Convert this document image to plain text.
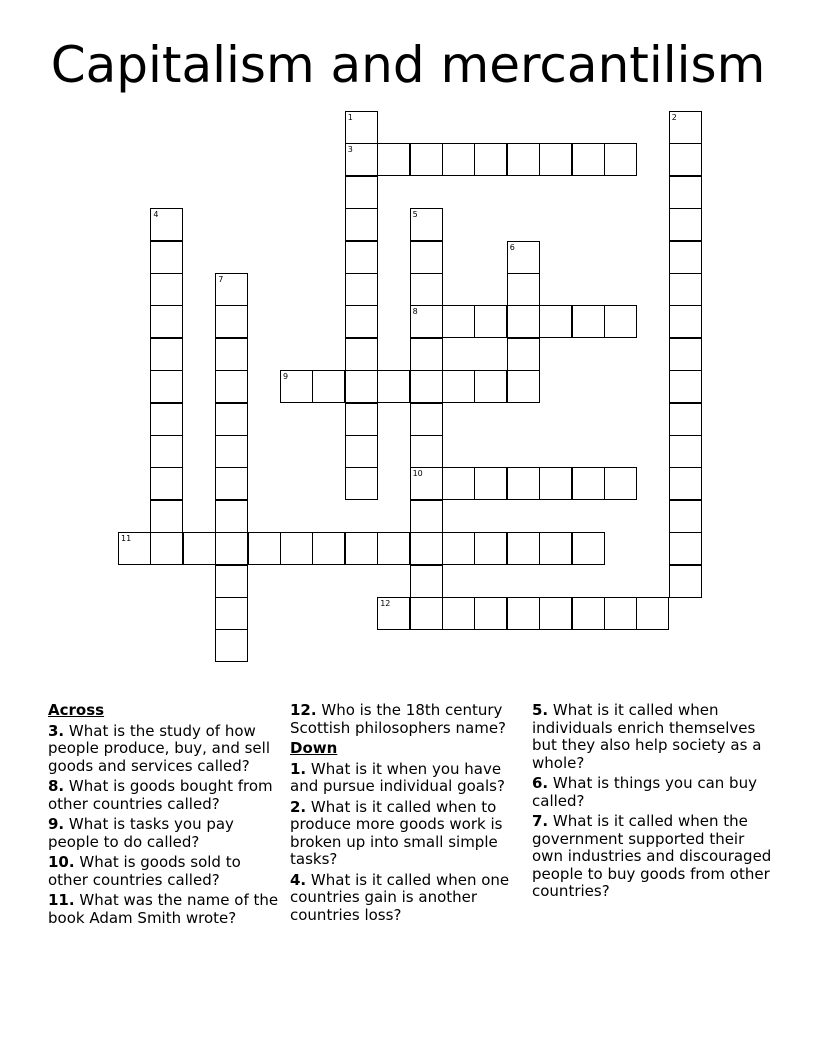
Capitalism and mercantilism
1
3
2
4	5
8
10
6
7
9
11
12
Across
3. What is the study of how people produce, buy, and sell goods and services called?
8. What is goods bought from other countries called?
9. What is tasks you pay people to do called?
10. What is goods sold to other countries called?
11. What was the name of the book Adam Smith wrote?
12. Who is the 18th century Scottish philosophers name?
Down
1. What is it when you have and pursue individual goals?
2. What is it called when to produce more goods work is broken up into small simple tasks?
4. What is it called when one countries gain is another countries loss?
5. What is it called when individuals enrich themselves but they also help society as a whole?
6. What is things you can buy called?
7. What is it called when the government supported their own industries and discouraged people to buy goods from other countries?
